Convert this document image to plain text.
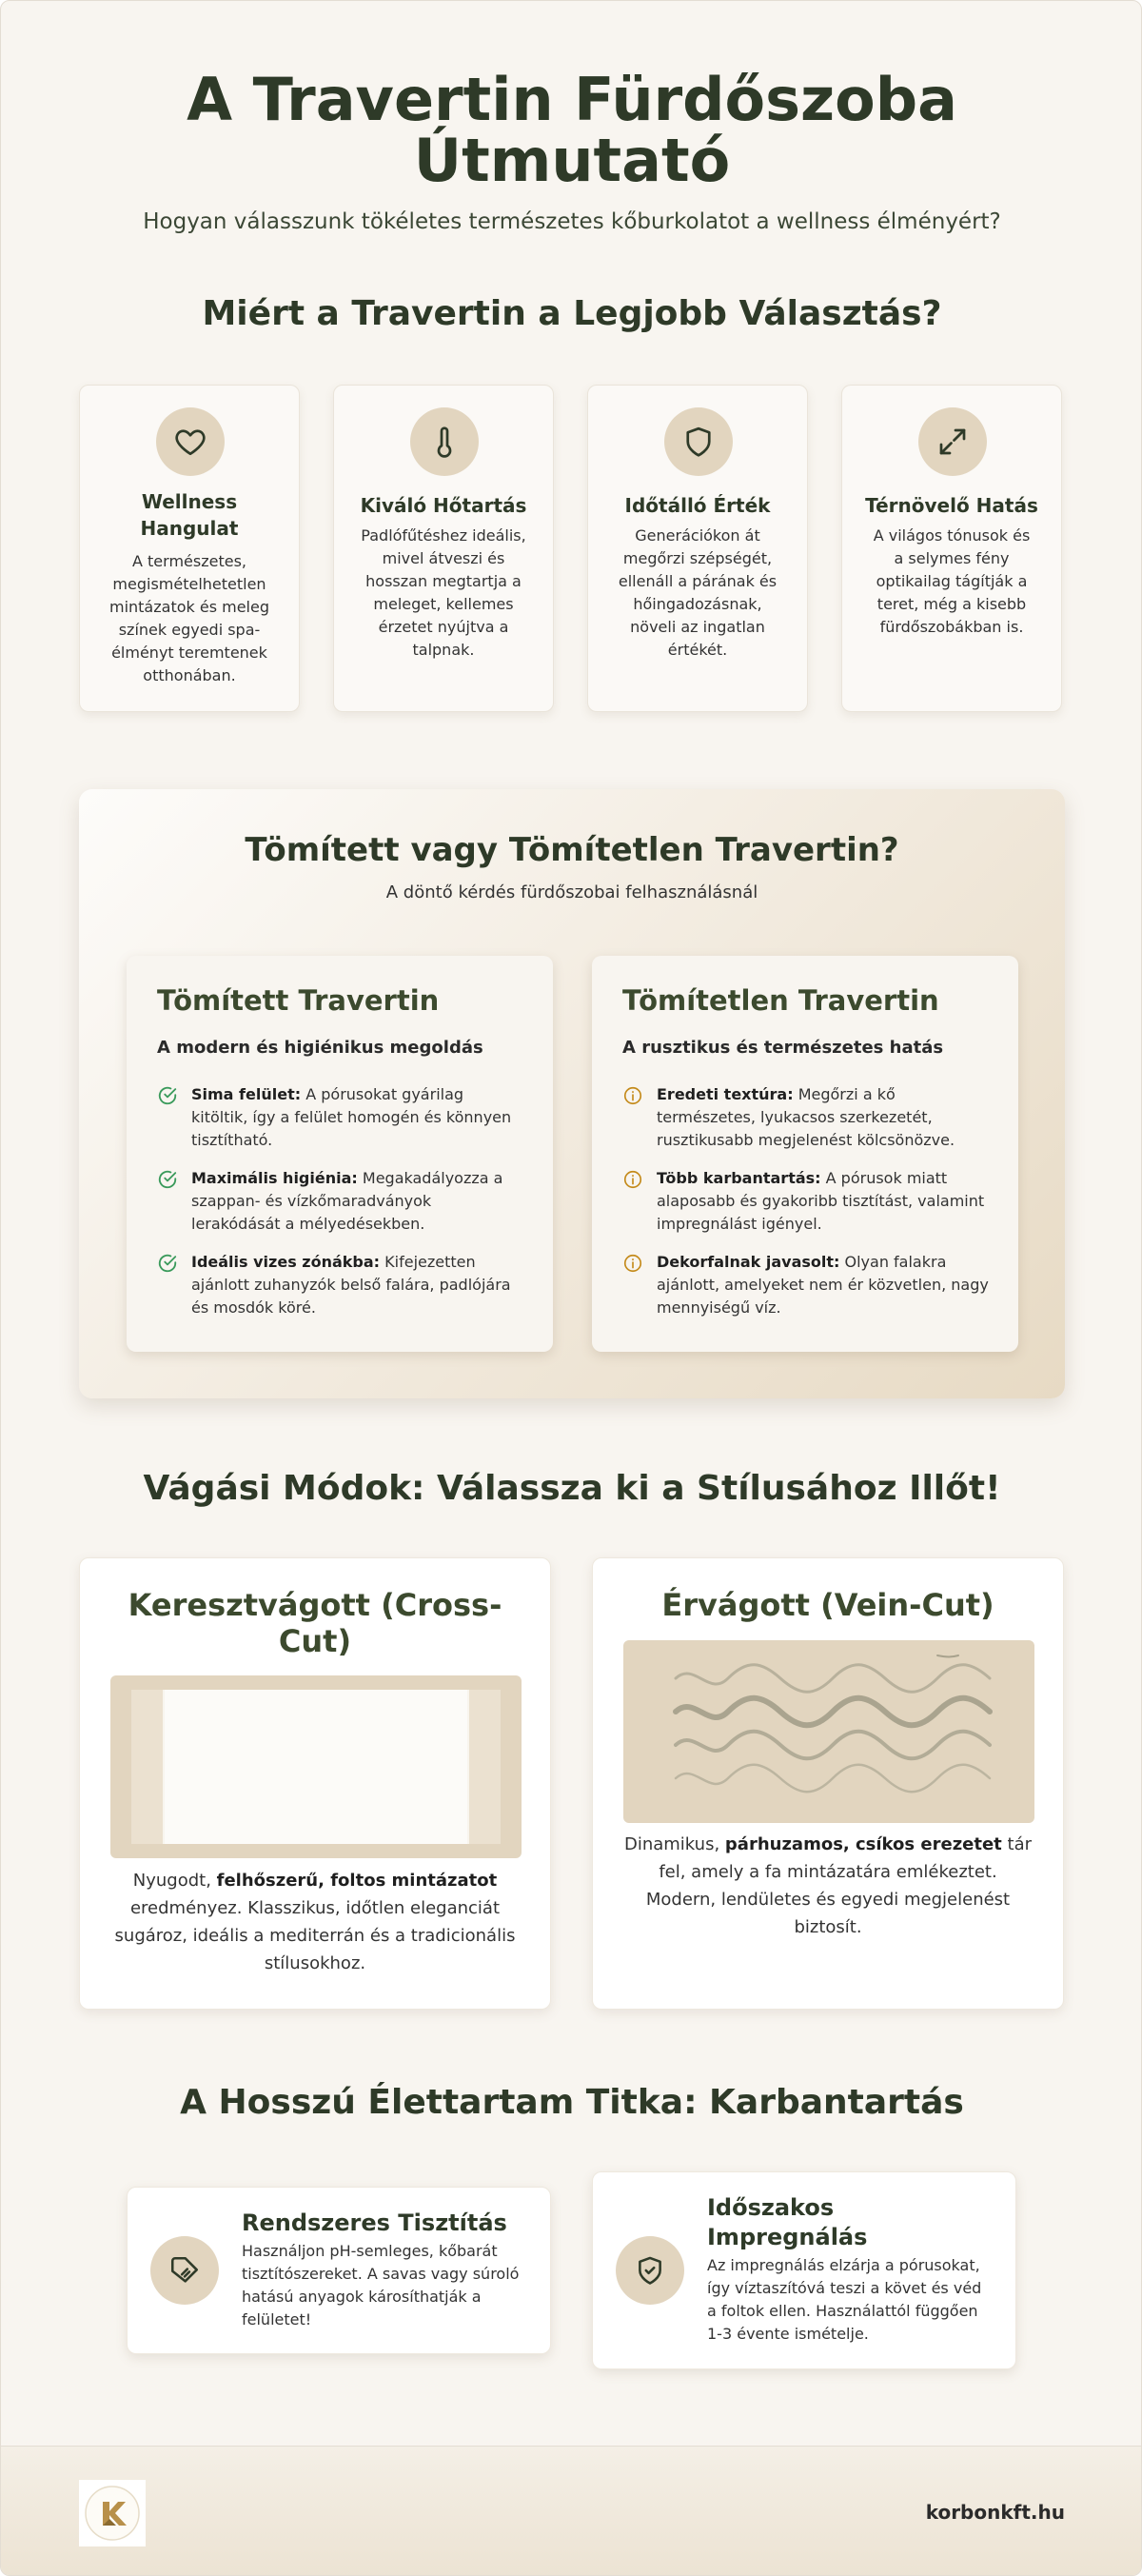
A Travertin Fürdőszoba
Útmutató
Hogyan válasszunk tökéletes természetes kőburkolatot a wellness élményért?
Miért a Travertin a Legjobb Választás?
Wellness Hangulat
A természetes, megismételhetetlen mintázatok és meleg színek egyedi spa-élményt teremtenek otthonában.
Kiváló Hőtartás
Padlófűtéshez ideális, mivel átveszi és hosszan megtartja a meleget, kellemes érzetet nyújtva a talpnak.
Időtálló Érték
Generációkon át megőrzi szépségét, ellenáll a párának és hőingadozásnak, növeli az ingatlan értékét.
Térnövelő Hatás
A világos tónusok és a selymes fény optikailag tágítják a teret, még a kisebb fürdőszobákban is.
Tömített vagy Tömítetlen Travertin?
A döntő kérdés fürdőszobai felhasználásnál
Tömített Travertin
A modern és higiénikus megoldás
Sima felület: A pórusokat gyárilag kitöltik, így a felület homogén és könnyen tisztítható.
Maximális higiénia: Megakadályozza a szappan- és vízkőmaradványok lerakódását a mélyedésekben.
Ideális vizes zónákba: Kifejezetten ajánlott zuhanyzók belső falára, padlójára és mosdók köré.
Tömítetlen Travertin
A rusztikus és természetes hatás
Eredeti textúra: Megőrzi a kő természetes, lyukacsos szerkezetét, rusztikusabb megjelenést kölcsönözve.
Több karbantartás: A pórusok miatt alaposabb és gyakoribb tisztítást, valamint impregnálást igényel.
Dekorfalnak javasolt: Olyan falakra ajánlott, amelyeket nem ér közvetlen, nagy mennyiségű víz.
Vágási Módok: Válassza ki a Stílusához Illőt!
Keresztvágott (Cross-Cut)
Nyugodt, felhőszerű, foltos mintázatot eredményez. Klasszikus, időtlen eleganciát sugároz, ideális a mediterrán és a tradicionális stílusokhoz.
Érvágott (Vein-Cut)
Dinamikus, párhuzamos, csíkos erezetet tár fel, amely a fa mintázatára emlékeztet. Modern, lendületes és egyedi megjelenést biztosít.
A Hosszú Élettartam Titka: Karbantartás
Rendszeres Tisztítás
Használjon pH-semleges, kőbarát tisztítószereket. A savas vagy súroló hatású anyagok károsíthatják a felületet!
Időszakos Impregnálás
Az impregnálás elzárja a pórusokat, így víztaszítóvá teszi a követ és véd a foltok ellen. Használattól függően 1-3 évente ismételje.
korbonkft.hu
